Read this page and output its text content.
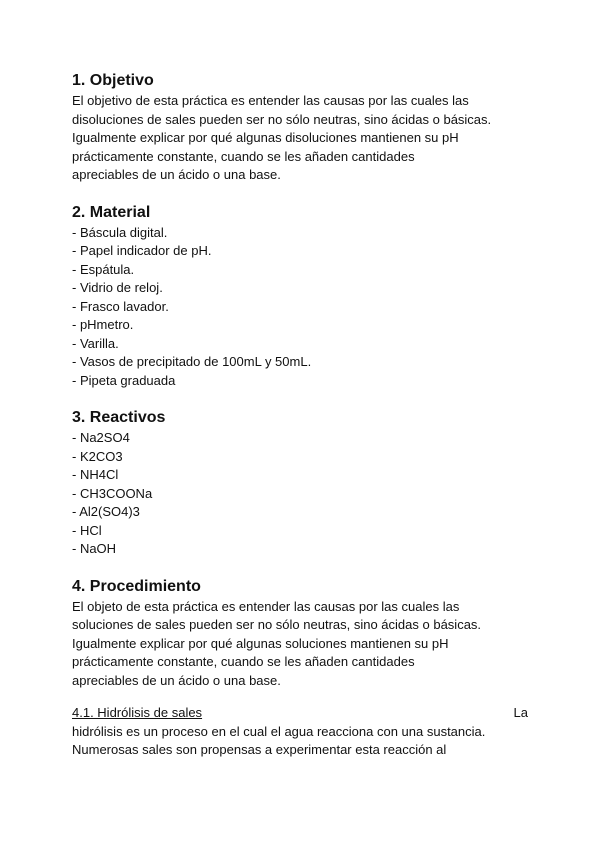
1. Objetivo

El objetivo de esta práctica es entender las causas por las cuales las

disoluciones de sales pueden ser no sólo neutras, sino ácidas o básicas.

Igualmente explicar por qué algunas disoluciones mantienen su pH

prácticamente constante, cuando se les añaden cantidades

apreciables de un ácido o una base.

2. Material
- Báscula digital.
- Papel indicador de pH.
- Espátula.
- Vidrio de reloj.
- Frasco lavador.
- pHmetro.
- Varilla.
- Vasos de precipitado de 100mL y 50mL.
- Pipeta graduada
3. Reactivos
- Na2SO4
- K2CO3
- NH4Cl
- CH3COONa
- Al2(SO4)3
- HCl
- NaOH
4. Procedimiento

El objeto de esta práctica es entender las causas por las cuales las

soluciones de sales pueden ser no sólo neutras, sino ácidas o básicas.

Igualmente explicar por qué algunas soluciones mantienen su pH

prácticamente constante, cuando se les añaden cantidades

apreciables de un ácido o una base.

4.1. Hidrólisis de sales	La

hidrólisis es un proceso en el cual el agua reacciona con una sustancia.

Numerosas sales son propensas a experimentar esta reacción al
